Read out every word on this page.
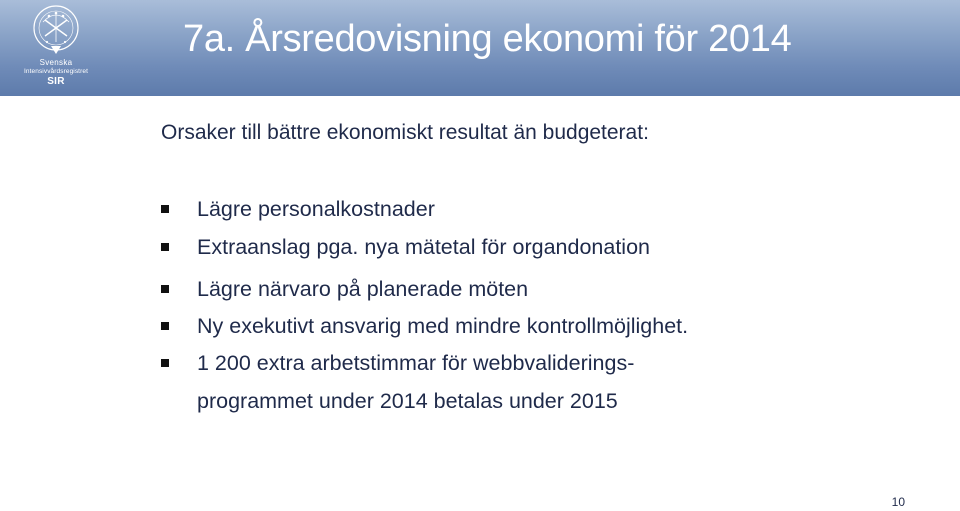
Svenska
Intensivvårdsregistret
SIR
7a. Årsredovisning ekonomi för 2014
Orsaker till bättre ekonomiskt resultat än budgeterat:
Lägre personalkostnader
Extraanslag pga. nya mätetal för organdonation
Lägre närvaro på planerade möten
Ny exekutivt ansvarig med mindre kontrollmöjlighet.
1 200 extra arbetstimmar för webbvaliderings-
programmet under 2014 betalas under 2015
10
